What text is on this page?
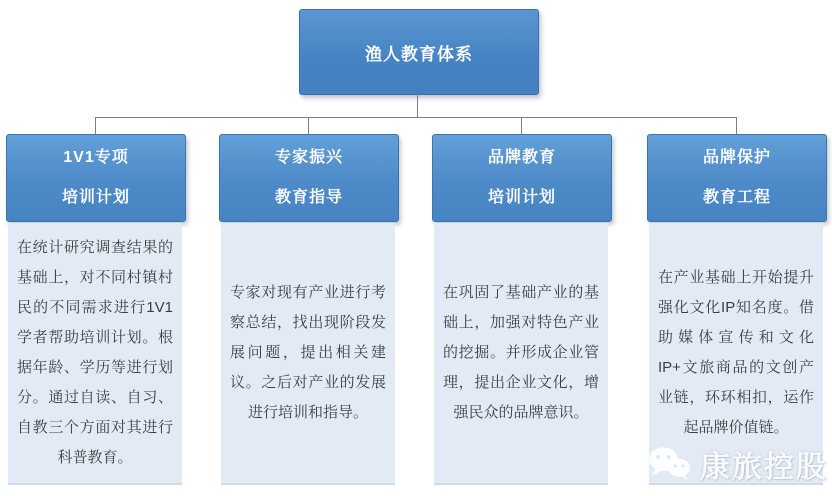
渔人教育体系
1V1专项
培训计划

在统计研究调查结果的基础上，对不同村镇村民的不同需求进行1V1学者帮助培训计划。根据年龄、学历等进行划分。通过自读、自习、自教三个方面对其进行科普教育。

专家振兴
教育指导

专家对现有产业进行考察总结，找出现阶段发展问题，提出相关建议。之后对产业的发展进行培训和指导。

品牌教育
培训计划

在巩固了基础产业的基础上，加强对特色产业的挖掘。并形成企业管理，提出企业文化，增强民众的品牌意识。

品牌保护
教育工程

在产业基础上开始提升强化文化IP知名度。借助媒体宣传和文化IP+文旅商品的文创产业链，环环相扣，运作起品牌价值链。

康旅控股
